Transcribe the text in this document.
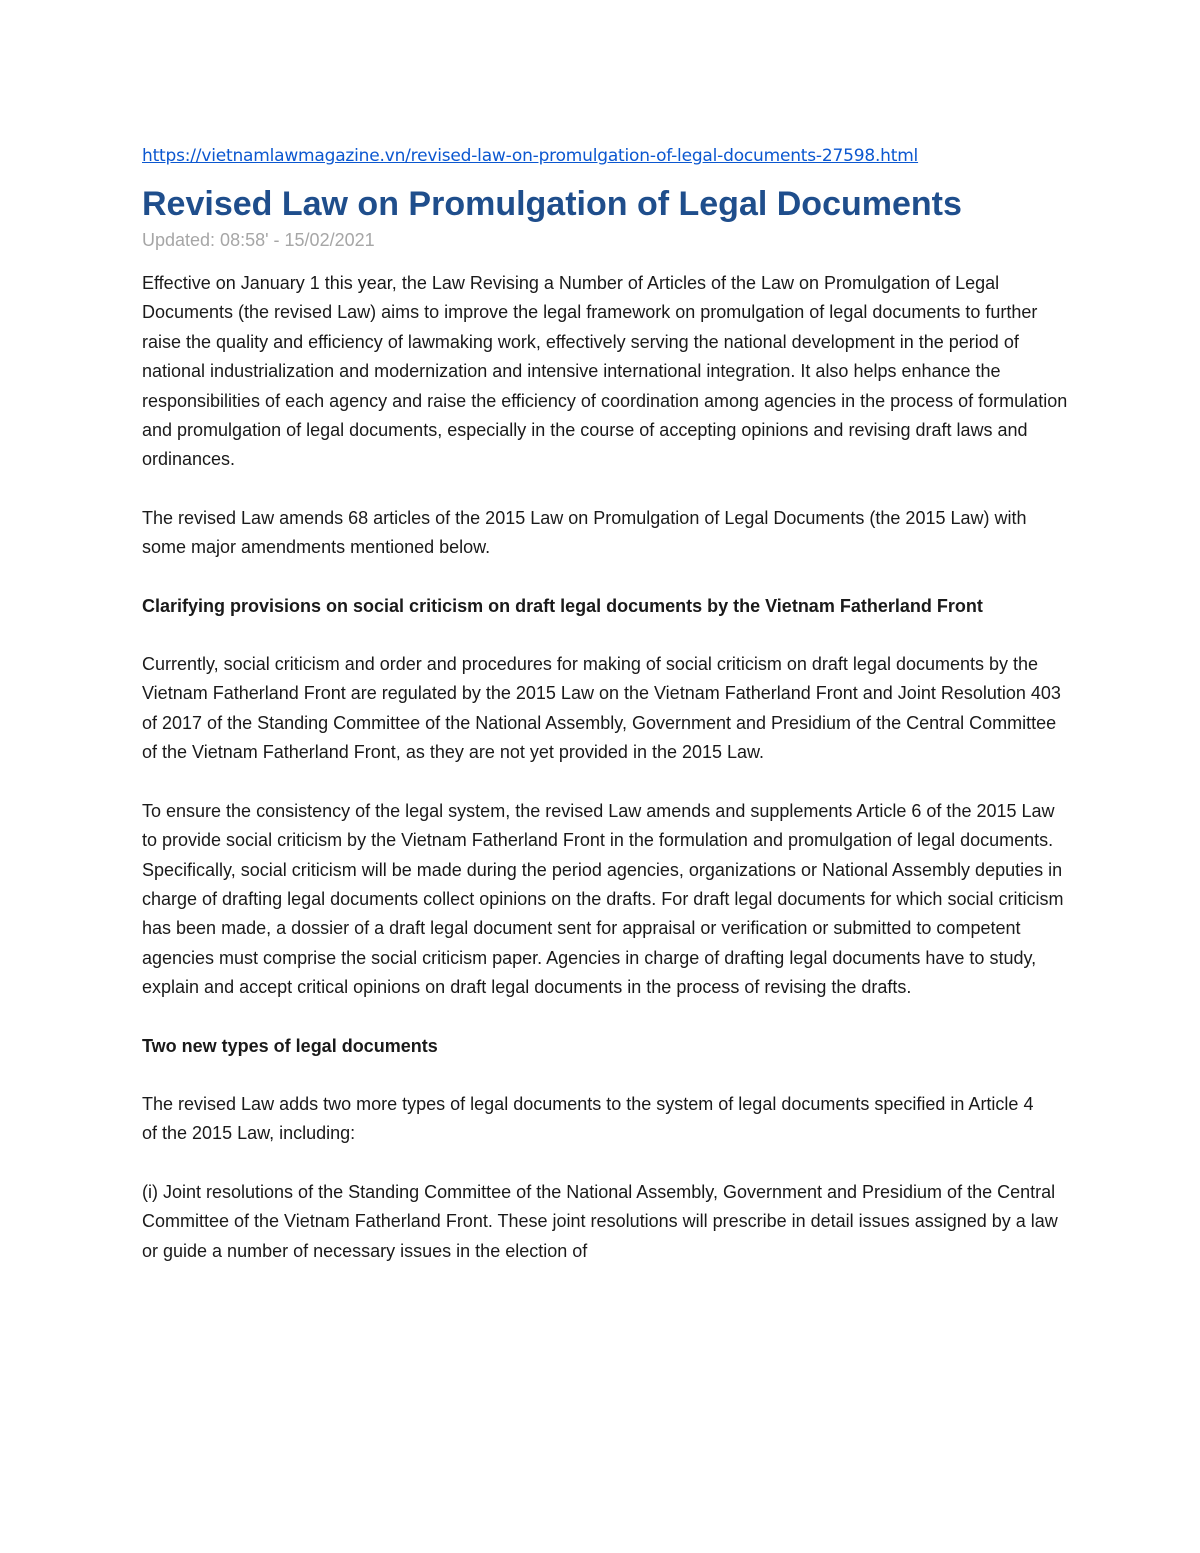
https://vietnamlawmagazine.vn/revised-law-on-promulgation-of-legal-documents-27598.html
Revised Law on Promulgation of Legal Documents
Updated: 08:58' - 15/02/2021

Effective on January 1 this year, the Law Revising a Number of Articles of the Law on Promulgation of Legal Documents (the revised Law) aims to improve the legal framework on promulgation of legal documents to further raise the quality and efficiency of lawmaking work, effectively serving the national development in the period of national industrialization and modernization and intensive international integration. It also helps enhance the responsibilities of each agency and raise the efficiency of coordination among agencies in the process of formulation and promulgation of legal documents, especially in the course of accepting opinions and revising draft laws and ordinances.

The revised Law amends 68 articles of the 2015 Law on Promulgation of Legal Documents (the 2015 Law) with some major amendments mentioned below.

Clarifying provisions on social criticism on draft legal documents by the Vietnam Fatherland Front

Currently, social criticism and order and procedures for making of social criticism on draft legal documents by the Vietnam Fatherland Front are regulated by the 2015 Law on the Vietnam Fatherland Front and Joint Resolution 403 of 2017 of the Standing Committee of the National Assembly, Government and Presidium of the Central Committee of the Vietnam Fatherland Front, as they are not yet provided in the 2015 Law.

To ensure the consistency of the legal system, the revised Law amends and supplements Article 6 of the 2015 Law to provide social criticism by the Vietnam Fatherland Front in the formulation and promulgation of legal documents. Specifically, social criticism will be made during the period agencies, organizations or National Assembly deputies in charge of drafting legal documents collect opinions on the drafts. For draft legal documents for which social criticism has been made, a dossier of a draft legal document sent for appraisal or verification or submitted to competent agencies must comprise the social criticism paper. Agencies in charge of drafting legal documents have to study, explain and accept critical opinions on draft legal documents in the process of revising the drafts.

Two new types of legal documents

The revised Law adds two more types of legal documents to the system of legal documents specified in Article 4
of the 2015 Law, including:

(i) Joint resolutions of the Standing Committee of the National Assembly, Government and Presidium of the Central Committee of the Vietnam Fatherland Front. These joint resolutions will prescribe in detail issues assigned by a law or guide a number of necessary issues in the election of
